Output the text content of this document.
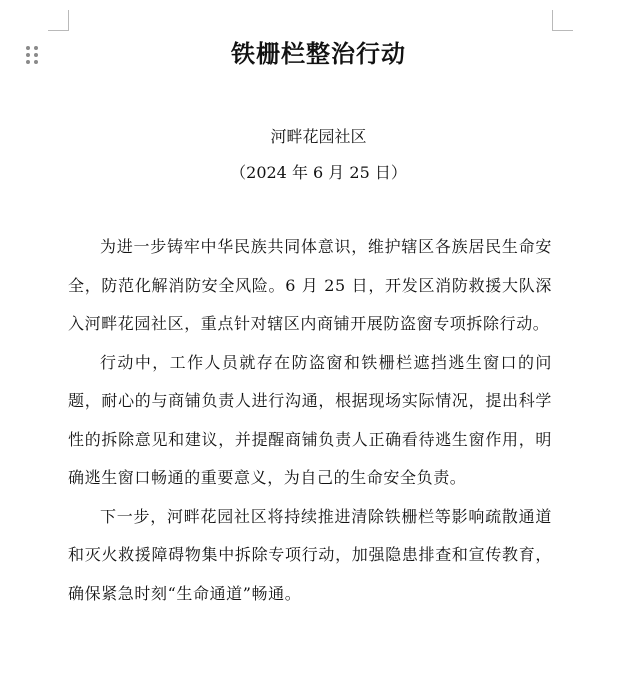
铁栅栏整治行动
河畔花园社区
（2024 年 6 月 25 日）

为进一步铸牢中华民族共同体意识，维护辖区各族居民生命安全，防范化解消防安全风险。6 月 25 日，开发区消防救援大队深入河畔花园社区，重点针对辖区内商铺开展防盗窗专项拆除行动。

行动中，工作人员就存在防盗窗和铁栅栏遮挡逃生窗口的问题，耐心的与商铺负责人进行沟通，根据现场实际情况，提出科学性的拆除意见和建议，并提醒商铺负责人正确看待逃生窗作用，明确逃生窗口畅通的重要意义，为自己的生命安全负责。

下一步，河畔花园社区将持续推进清除铁栅栏等影响疏散通道和灭火救援障碍物集中拆除专项行动，加强隐患排查和宣传教育，确保紧急时刻“生命通道”畅通。
